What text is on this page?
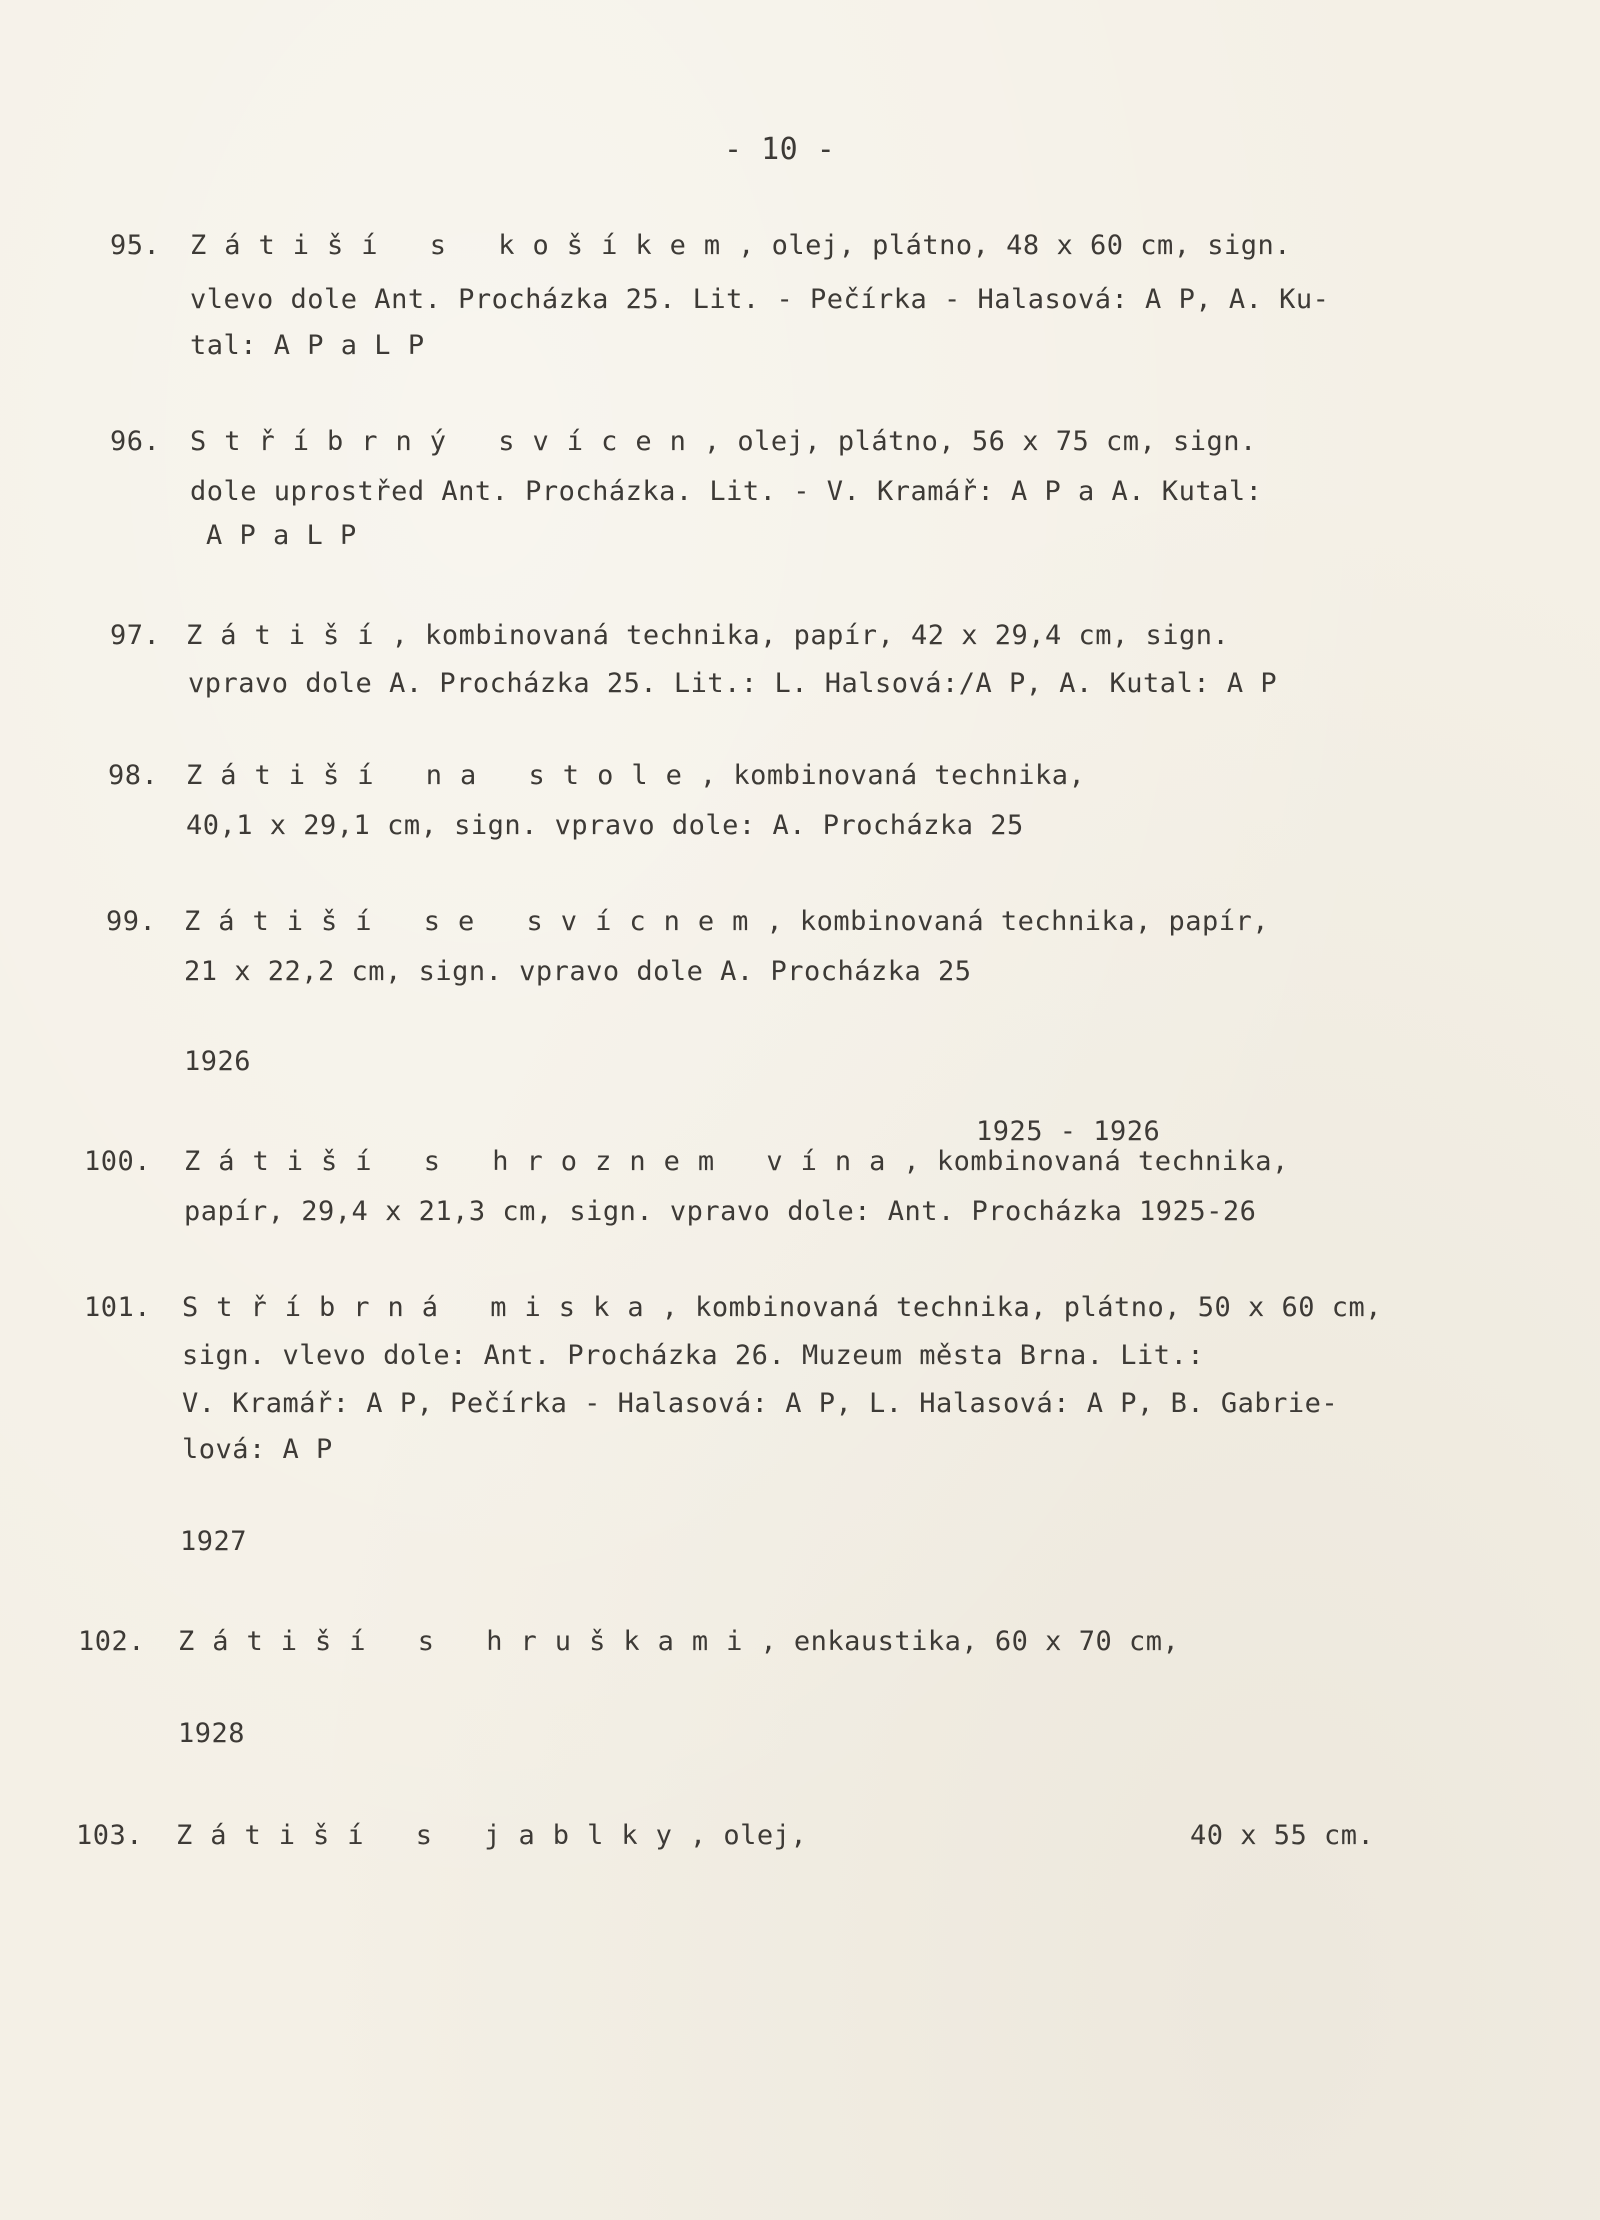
- 10 -
95.	Zátiší s košíkem, olej, plátno, 48 x 60 cm, sign.
vlevo dole Ant. Procházka 25. Lit. - Pečírka - Halasová: A P, A. Ku-
tal: A P a L P
96.	Stříbrný svícen, olej, plátno, 56 x 75 cm, sign.
dole uprostřed Ant. Procházka. Lit. - V. Kramář: A P a A. Kutal:
A P a L P
97. Zátiší, kombinovaná technika, papír, 42 x 29,4 cm, sign.
vpravo dole A. Procházka 25. Lit.: L. Halsová:/A P, A. Kutal: A P
98.	Zátiší na stole, kombinovaná technika,
40,1 x 29,1 cm, sign. vpravo dole: A. Procházka 25
99.	Zátiší se svícnem, kombinovaná technika, papír,
21 x 22,2 cm, sign. vpravo dole A. Procházka 25
1926
1925 - 1926
100.	Zátiší s hroznem vína, kombinovaná technika,
papír, 29,4 x 21,3 cm, sign. vpravo dole: Ant. Procházka 1925-26
101.	Stříbrná miska, kombinovaná technika, plátno, 50 x 60 cm,
sign. vlevo dole: Ant. Procházka 26. Muzeum města Brna. Lit.:
V. Kramář: A P, Pečírka - Halasová: A P, L. Halasová: A P, B. Gabrie-
lová: A P
1927
102.	Zátiší s hruškami, enkaustika, 60 x 70 cm,
1928
103.	Zátiší s jablky, olej,	40 x 55 cm.
